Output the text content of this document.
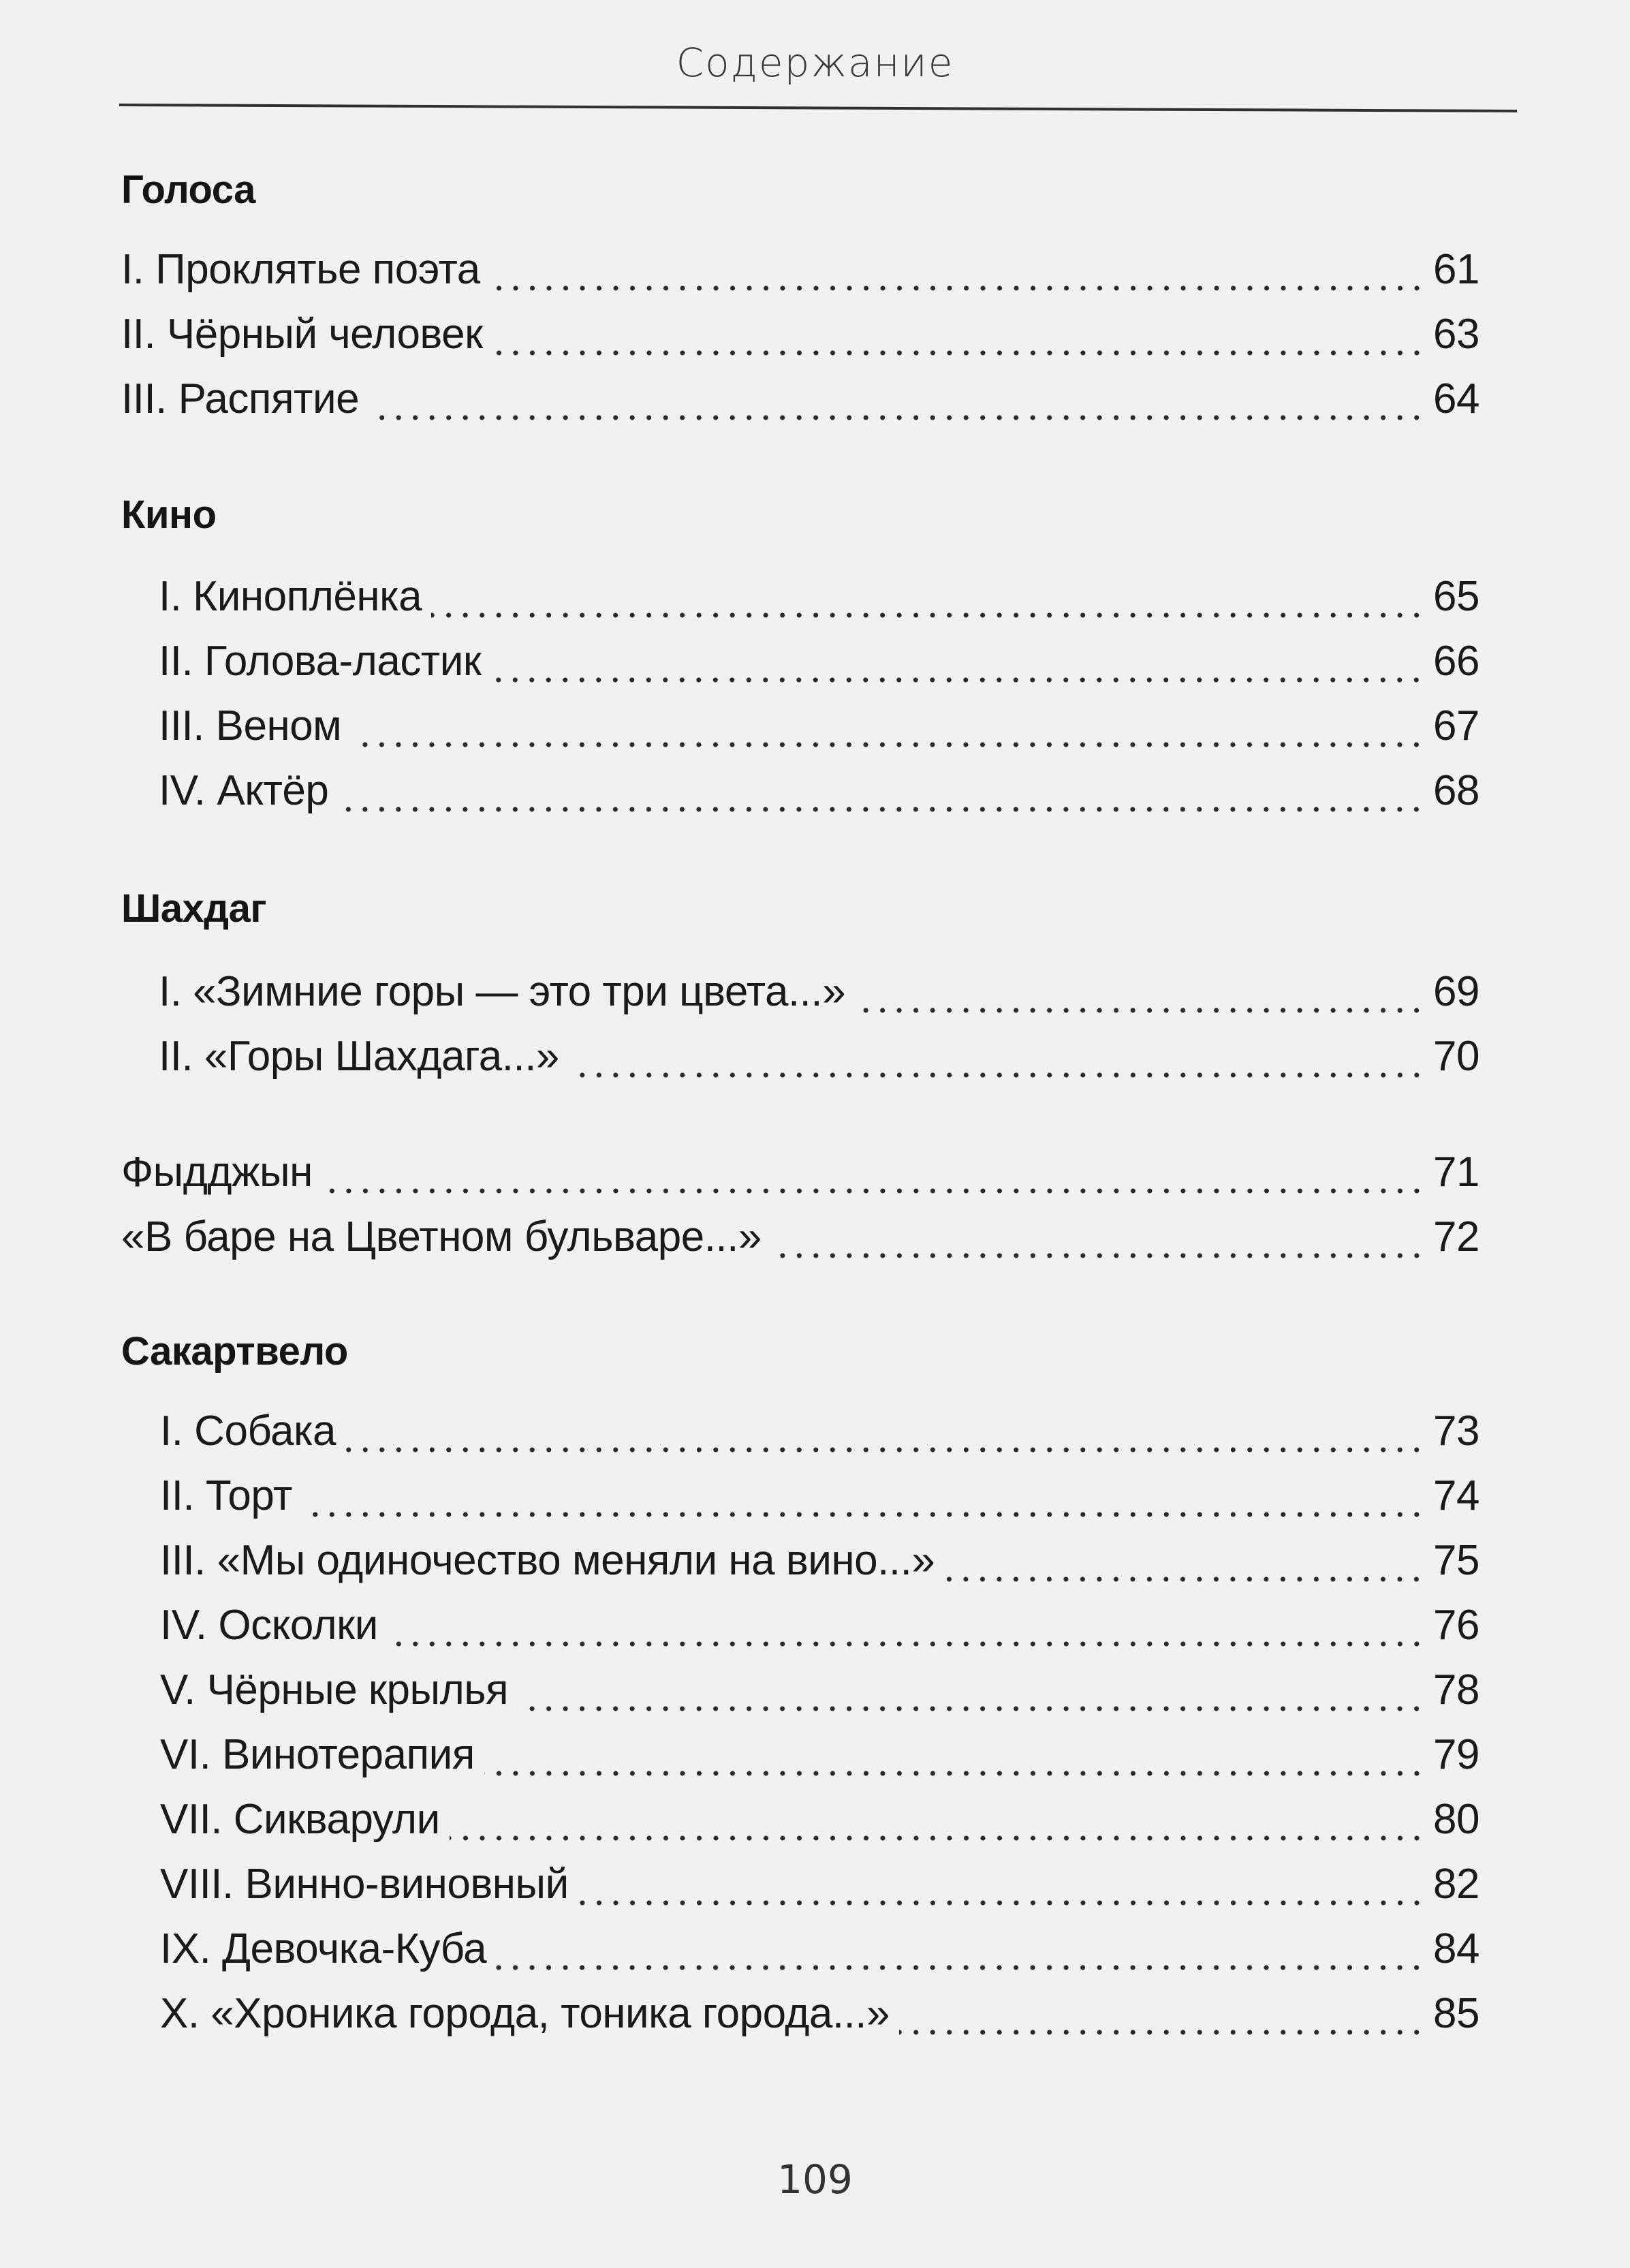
Содержание
Голоса
I. Проклятье поэта	61
II. Чёрный человек	63
III. Распятие	64
Кино
I. Киноплёнка	65
II. Голова-ластик	66
III. Веном	67
IV. Актёр	68
Шахдаг
I. «Зимние горы — это три цвета...»	69
II. «Горы Шахдага...»	70
Фыдджын	71
«В баре на Цветном бульваре...»	72
Сакартвело
I. Собака	73
II. Торт	74
III. «Мы одиночество меняли на вино...»	75
IV. Осколки	76
V. Чёрные крылья	78
VI. Винотерапия	79
VII. Сикварули	80
VIII. Винно-виновный	82
IX. Девочка-Куба	84
X. «Хроника города, тоника города...»	85
109
